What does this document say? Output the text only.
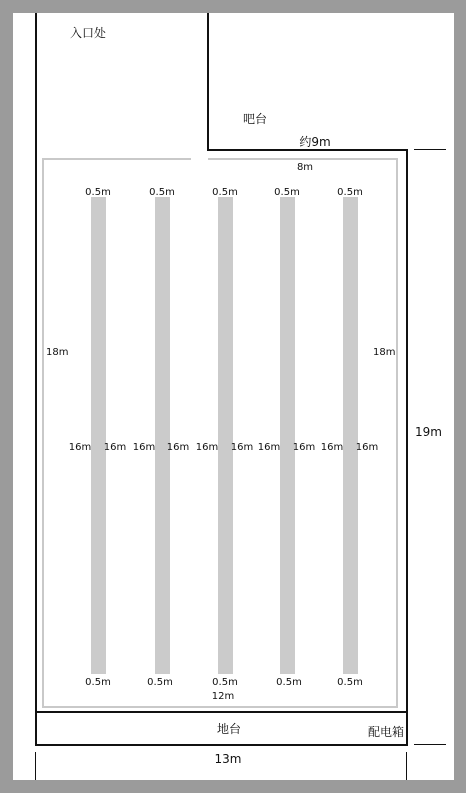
0.5m	0.5m	0.5m	0.5m	0.5m
0.5m	0.5m	0.5m	0.5m	0.5m
16m 16m 16m 16m 16m 16m 16m 16m 16m 16m
入口处
吧台
约9m
8m
18m	18m
19m
12m
地台	配电箱
13m
